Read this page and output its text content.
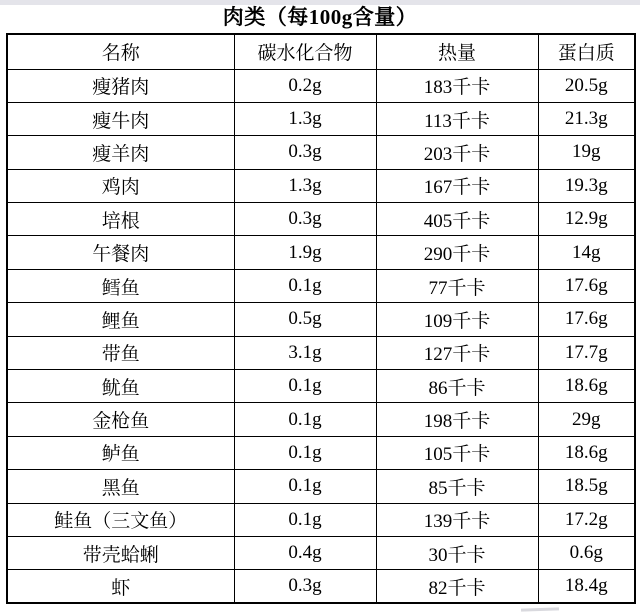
肉类（每100g含量）
名称	碳水化合物	热量	蛋白质
瘦猪肉	0.2g	183千卡	20.5g
瘦牛肉	1.3g	113千卡	21.3g
瘦羊肉	0.3g	203千卡	19g
鸡肉	1.3g	167千卡	19.3g
培根	0.3g	405千卡	12.9g
午餐肉	1.9g	290千卡	14g
鳕鱼	0.1g	77千卡	17.6g
鲤鱼	0.5g	109千卡	17.6g
带鱼	3.1g	127千卡	17.7g
鱿鱼	0.1g	86千卡	18.6g
金枪鱼	0.1g	198千卡	29g
鲈鱼	0.1g	105千卡	18.6g
黑鱼	0.1g	85千卡	18.5g
鲑鱼（三文鱼）	0.1g	139千卡	17.2g
带壳蛤蜊	0.4g	30千卡	0.6g
虾	0.3g	82千卡	18.4g
